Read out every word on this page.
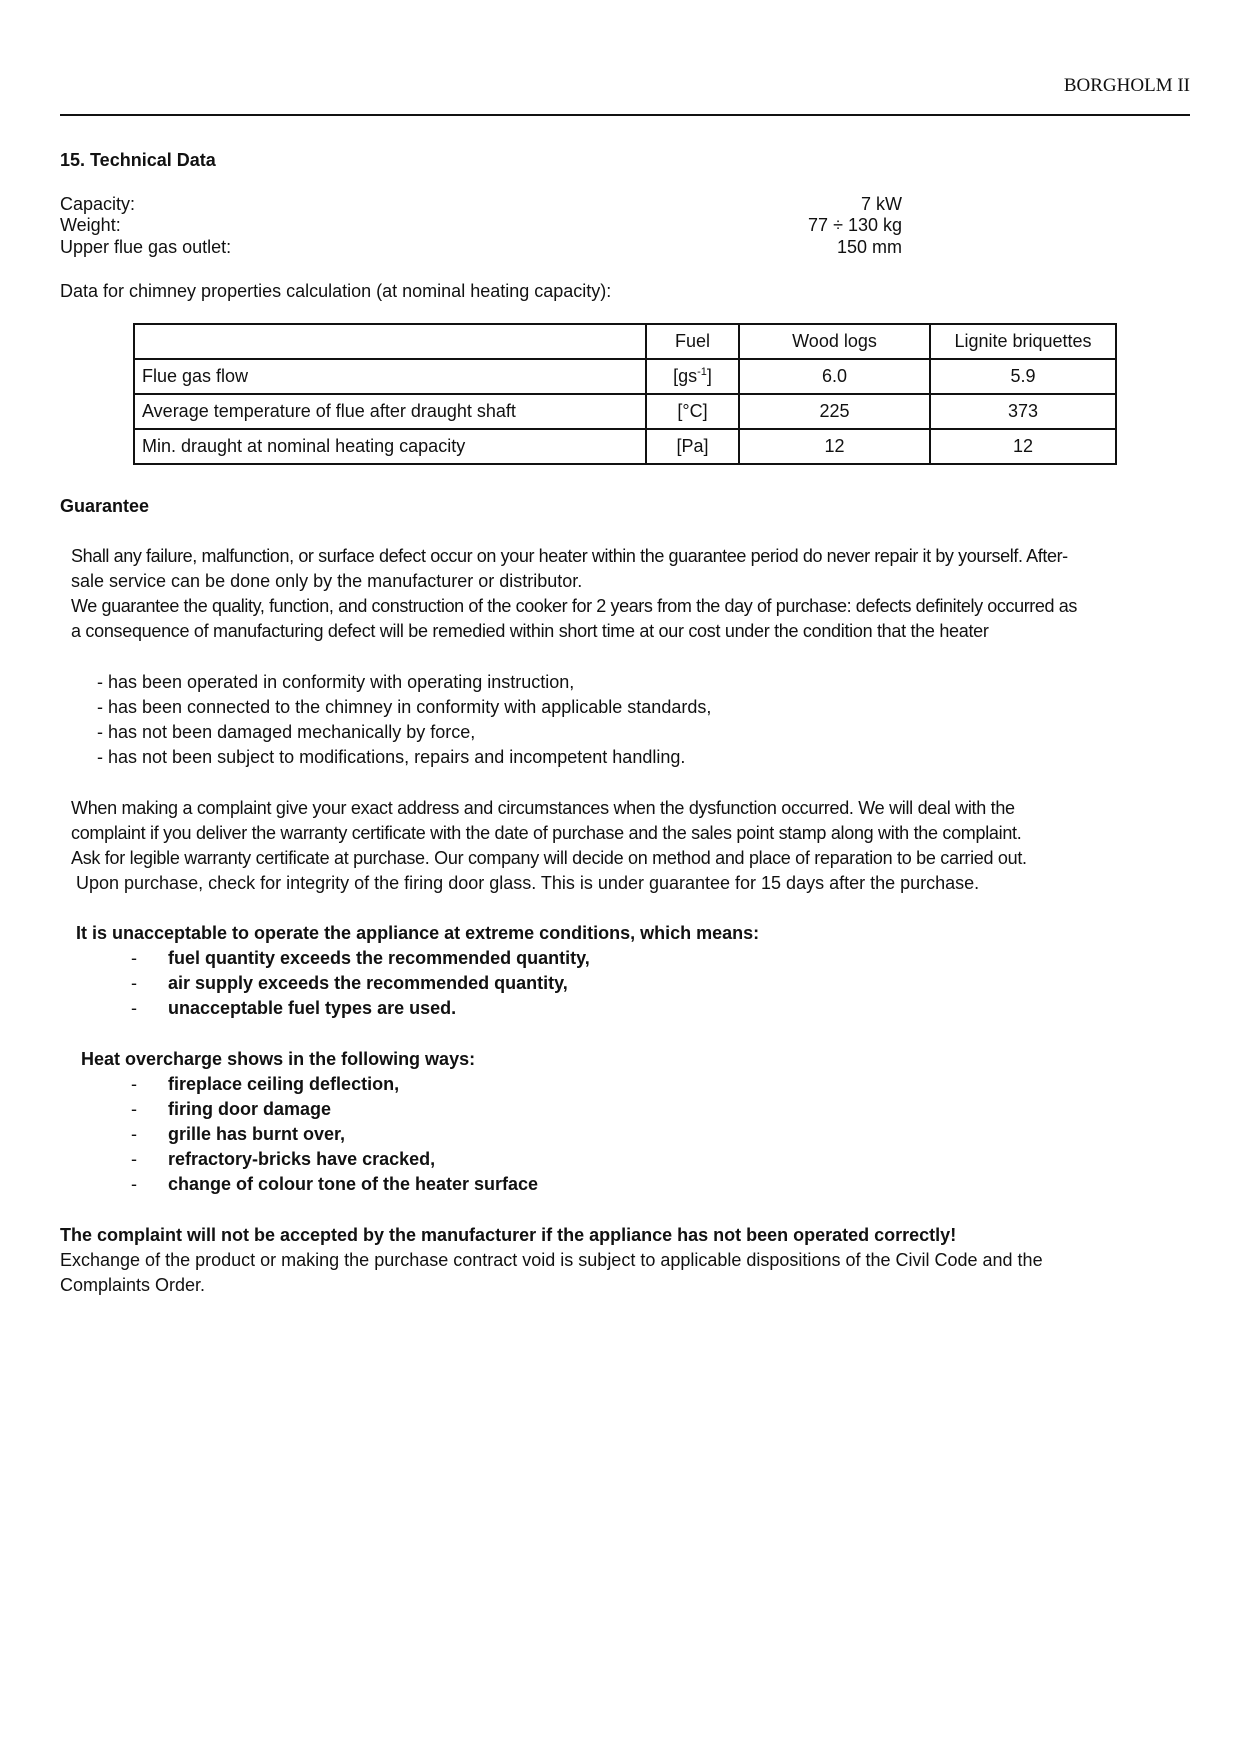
BORGHOLM II
15. Technical Data
Capacity:	7 kW
Weight:	77 ÷ 130 kg
Upper flue gas outlet:	150 mm
Data for chimney properties calculation (at nominal heating capacity):
	Fuel	Wood logs	Lignite briquettes
Flue gas flow	$[gs^{-1}]$	6.0	5.9
Average temperature of flue after draught shaft	[°C]	225	373
Min. draught at nominal heating capacity	[Pa]	12	12
Guarantee
Shall any failure, malfunction, or surface defect occur on your heater within the guarantee period do never repair it by yourself. After-
sale service can be done only by the manufacturer or distributor.
We guarantee the quality, function, and construction of the cooker for 2 years from the day of purchase: defects definitely occurred as
a consequence of manufacturing defect will be remedied within short time at our cost under the condition that the heater
- has been operated in conformity with operating instruction,
- has been connected to the chimney in conformity with applicable standards,
- has not been damaged mechanically by force,
- has not been subject to modifications, repairs and incompetent handling.
When making a complaint give your exact address and circumstances when the dysfunction occurred. We will deal with the
complaint if you deliver the warranty certificate with the date of purchase and the sales point stamp along with the complaint.
Ask for legible warranty certificate at purchase. Our company will decide on method and place of reparation to be carried out.
Upon purchase, check for integrity of the firing door glass. This is under guarantee for 15 days after the purchase.
It is unacceptable to operate the appliance at extreme conditions, which means:
- fuel quantity exceeds the recommended quantity,
- air supply exceeds the recommended quantity,
- unacceptable fuel types are used.
Heat overcharge shows in the following ways:
- fireplace ceiling deflection,
- firing door damage
- grille has burnt over,
- refractory-bricks have cracked,
- change of colour tone of the heater surface
The complaint will not be accepted by the manufacturer if the appliance has not been operated correctly!
Exchange of the product or making the purchase contract void is subject to applicable dispositions of the Civil Code and the
Complaints Order.
